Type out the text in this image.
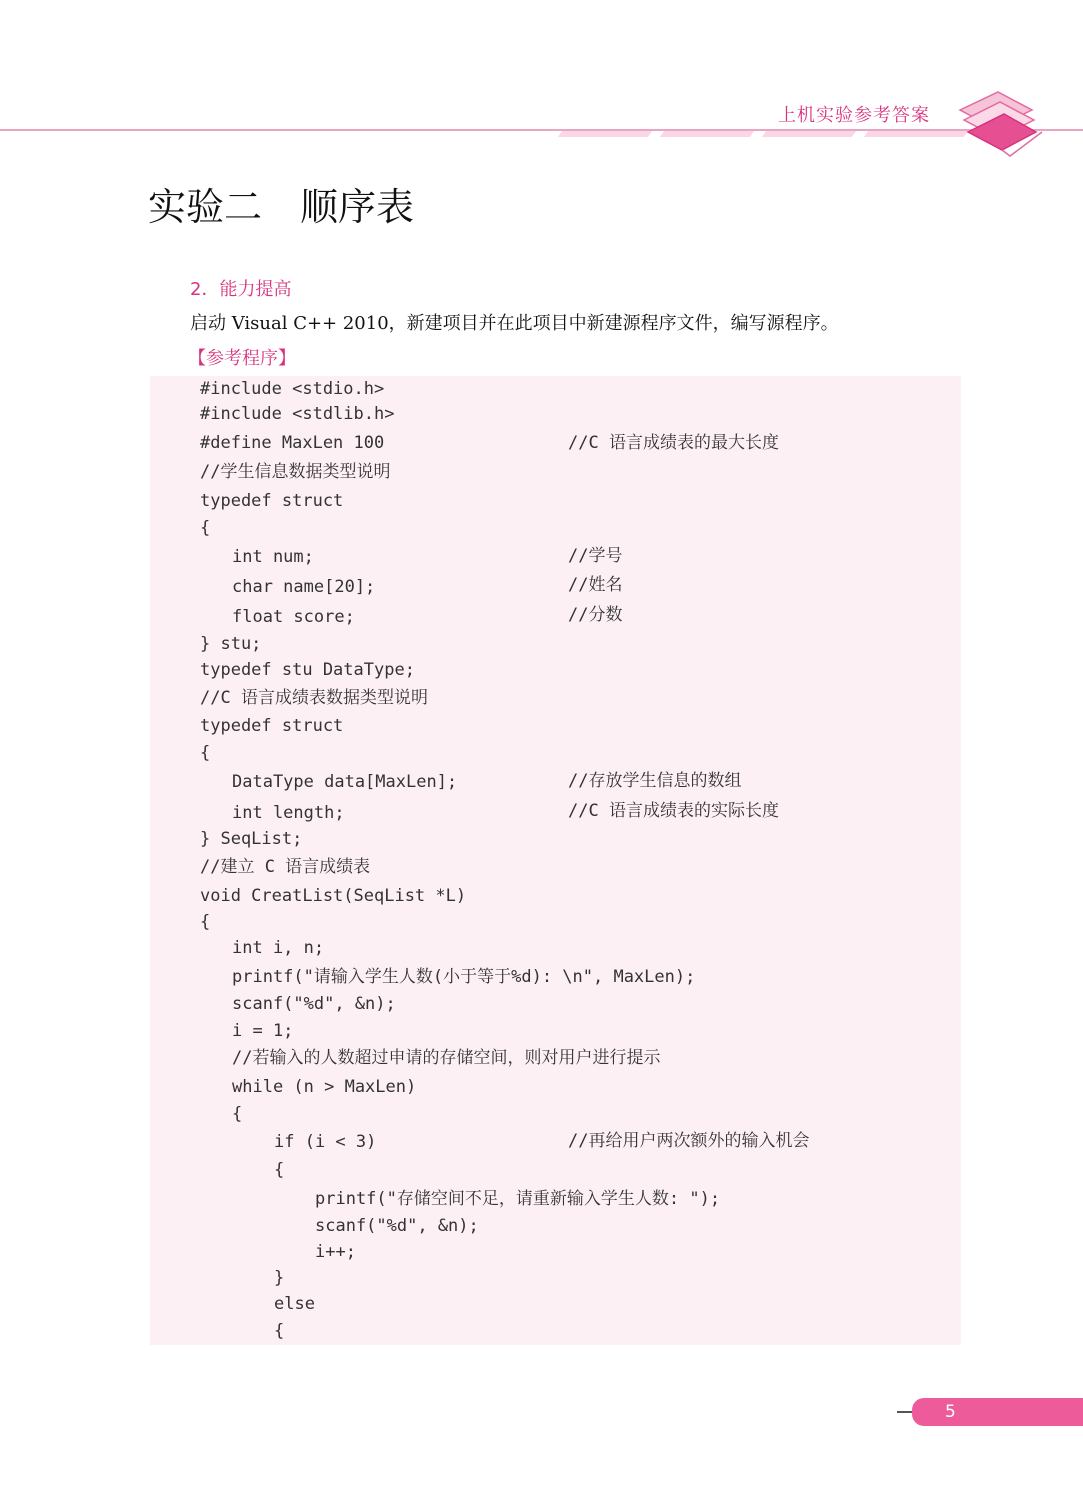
上机实验参考答案
实验二　顺序表
2．能力提高
启动 Visual C++ 2010，新建项目并在此项目中新建源程序文件，编写源程序。
【参考程序】
#include <stdio.h>
#include <stdlib.h>
#define MaxLen 100	//C 语言成绩表的最大长度
//学生信息数据类型说明
typedef struct
{
int num;	//学号
char name[20];	//姓名
float score;	//分数
} stu;
typedef stu DataType;
//C 语言成绩表数据类型说明
typedef struct
{
DataType data[MaxLen];	//存放学生信息的数组
int length;	//C 语言成绩表的实际长度
} SeqList;
//建立 C 语言成绩表
void CreatList(SeqList *L)
{
int i, n;
printf("请输入学生人数(小于等于%d): \n", MaxLen);
scanf("%d", &n);
i = 1;
//若输入的人数超过申请的存储空间，则对用户进行提示
while (n > MaxLen)
{
if (i < 3)	//再给用户两次额外的输入机会
{
printf("存储空间不足，请重新输入学生人数: ");
scanf("%d", &n);
i++;
}
else
{
5
